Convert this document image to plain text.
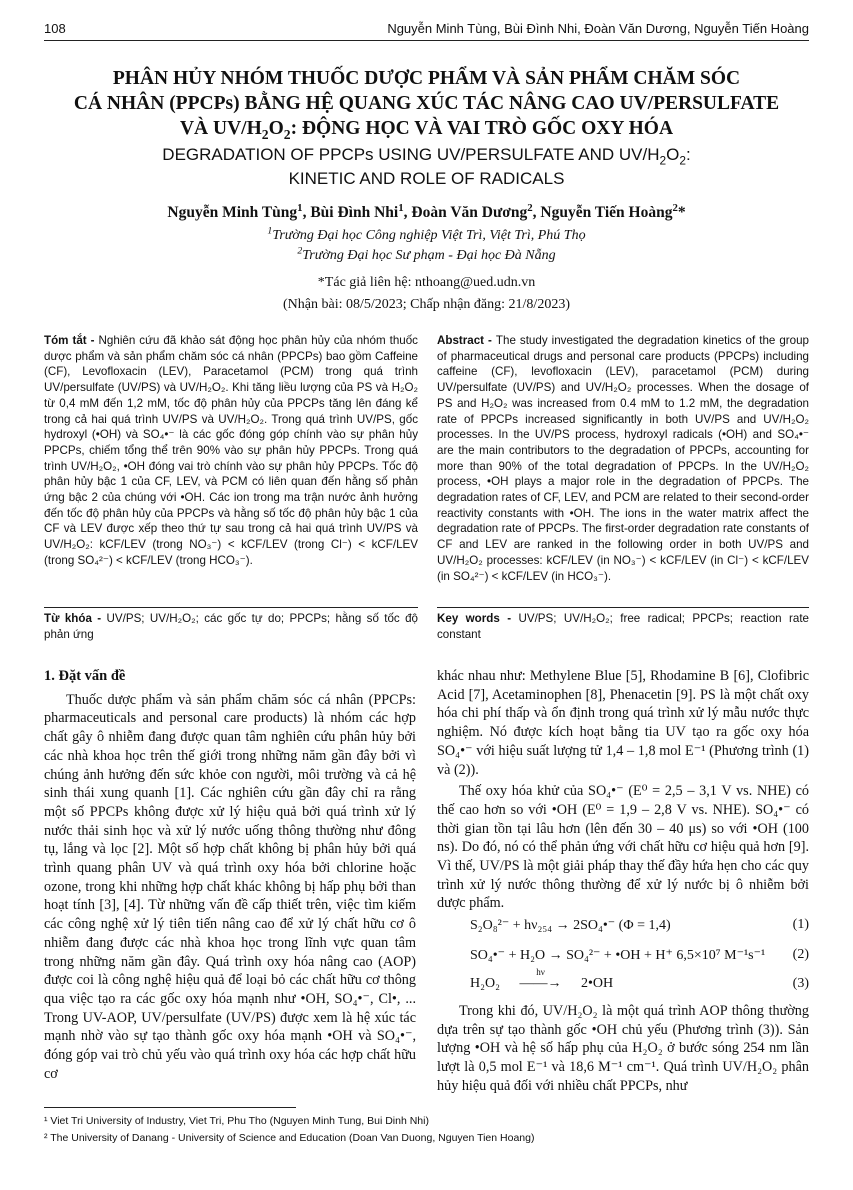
108	Nguyễn Minh Tùng, Bùi Đình Nhi, Đoàn Văn Dương, Nguyễn Tiến Hoàng
PHÂN HỦY NHÓM THUỐC DƯỢC PHẨM VÀ SẢN PHẨM CHĂM SÓC
CÁ NHÂN (PPCPs) BẰNG HỆ QUANG XÚC TÁC NÂNG CAO UV/PERSULFATE
VÀ $UV/H_2O_2$: ĐỘNG HỌC VÀ VAI TRÒ GỐC OXY HÓA
DEGRADATION OF PPCPs USING UV/PERSULFATE AND $UV/H_2O_2$:
KINETIC AND ROLE OF RADICALS
Nguyễn Minh Tùng$^1$, Bùi Đình Nhi$^1$, Đoàn Văn Dương$^2$, Nguyễn Tiến Hoàng$^2$*
$^1$Trường Đại học Công nghiệp Việt Trì, Việt Trì, Phú Thọ
$^2$Trường Đại học Sư phạm - Đại học Đà Nẵng
*Tác giả liên hệ: nthoang@ued.udn.vn
(Nhận bài: 08/5/2023; Chấp nhận đăng: 21/8/2023)
Tóm tắt - Nghiên cứu đã khảo sát động học phân hủy của nhóm thuốc dược phẩm và sản phẩm chăm sóc cá nhân (PPCPs) bao gồm Caffeine (CF), Levofloxacin (LEV), Paracetamol (PCM) trong quá trình UV/persulfate (UV/PS) và UV/H₂O₂. Khi tăng liều lượng của PS và H₂O₂ từ 0,4 mM đến 1,2 mM, tốc độ phân hủy của PPCPs tăng lên đáng kể trong cả hai quá trình UV/PS và UV/H₂O₂. Trong quá trình UV/PS, gốc hydroxyl (•OH) và SO₄•⁻ là các gốc đóng góp chính vào sự phân hủy PPCPs, chiếm tổng thể trên 90% vào sự phân hủy PPCPs. Trong quá trình UV/H₂O₂, •OH đóng vai trò chính vào sự phân hủy PPCPs. Tốc độ phân hủy bậc 1 của CF, LEV, và PCM có liên quan đến hằng số phản ứng bậc 2 của chúng với •OH. Các ion trong ma trận nước ảnh hưởng đến tốc độ phân hủy của PPCPs và hằng số tốc độ phân hủy bậc 1 của CF và LEV được xếp theo thứ tự sau trong cả hai quá trình UV/PS và UV/H₂O₂: kCF/LEV (trong NO₃⁻) < kCF/LEV (trong Cl⁻) < kCF/LEV (trong SO₄²⁻) < kCF/LEV (trong HCO₃⁻).
Từ khóa - UV/PS; UV/H₂O₂; các gốc tự do; PPCPs; hằng số tốc độ phản ứng
Abstract - The study investigated the degradation kinetics of the group of pharmaceutical drugs and personal care products (PPCPs) including caffeine (CF), levofloxacin (LEV), paracetamol (PCM) during UV/persulfate (UV/PS) and UV/H₂O₂ processes. When the dosage of PS and H₂O₂ was increased from 0.4 mM to 1.2 mM, the degradation rate of PPCPs increased significantly in both UV/PS and UV/H₂O₂ processes. In the UV/PS process, hydroxyl radicals (•OH) and SO₄•⁻ are the main contributors to the degradation of PPCPs, accounting for more than 90% of the total degradation of PPCPs. In the UV/H₂O₂ process, •OH plays a major role in the degradation of PPCPs. The degradation rates of CF, LEV, and PCM are related to their second-order reactivity constants with •OH. The ions in the water matrix affect the degradation rate of PPCPs. The first-order degradation rate constants of CF and LEV are ranked in the following order in both UV/PS and UV/H₂O₂ processes: kCF/LEV (in NO₃⁻) < kCF/LEV (in Cl⁻) < kCF/LEV (in SO₄²⁻) < kCF/LEV (in HCO₃⁻).
Key words - UV/PS; UV/H₂O₂; free radical; PPCPs; reaction rate constant

1. Đặt vấn đề

Thuốc dược phẩm và sản phẩm chăm sóc cá nhân (PPCPs: pharmaceuticals and personal care products) là nhóm các hợp chất gây ô nhiễm đang được quan tâm nghiên cứu phân hủy bởi các nhà khoa học trên thế giới trong những năm gần đây bởi vì chúng ảnh hưởng đến sức khỏe con người, môi trường và cả hệ sinh thái xung quanh [1]. Các nghiên cứu gần đây chỉ ra rằng một số PPCPs không được xử lý hiệu quả bởi quá trình xử lý nước thải sinh học và xử lý nước uống thông thường như đông tụ, lắng và lọc [2]. Một số hợp chất không bị phân hủy bởi quá trình quang phân UV và quá trình oxy hóa bởi chlorine hoặc ozone, trong khi những hợp chất khác không bị hấp phụ bởi than hoạt tính [3], [4]. Từ những vấn đề cấp thiết trên, việc tìm kiếm các công nghệ xử lý tiên tiến nâng cao để xử lý chất hữu cơ ô nhiễm đang được các nhà khoa học trong lĩnh vực quan tâm trong những năm gần đây. Quá trình oxy hóa nâng cao (AOP) được coi là công nghệ hiệu quả để loại bỏ các chất hữu cơ thông qua việc tạo ra các gốc oxy hóa mạnh như •OH, SO₄•⁻, Cl•, ... Trong UV-AOP, UV/persulfate (UV/PS) được xem là hệ xúc tác mạnh nhờ vào sự tạo thành gốc oxy hóa mạnh •OH và SO₄•⁻, đóng góp vai trò chủ yếu vào quá trình oxy hóa các hợp chất hữu cơ

khác nhau như: Methylene Blue [5], Rhodamine B [6], Clofibric Acid [7], Acetaminophen [8], Phenacetin [9]. PS là một chất oxy hóa chi phí thấp và ổn định trong quá trình xử lý mẫu nước thực nghiệm. Nó được kích hoạt bằng tia UV tạo ra gốc oxy hóa SO₄•⁻ với hiệu suất lượng tử 1,4 – 1,8 mol E⁻¹ (Phương trình (1) và (2)).

Thế oxy hóa khử của SO₄•⁻ (E⁰ = 2,5 – 3,1 V vs. NHE) có thế cao hơn so với •OH (E⁰ = 1,9 – 2,8 V vs. NHE). SO₄•⁻ có thời gian tồn tại lâu hơn (lên đến 30 – 40 μs) so với •OH (100 ns). Do đó, nó có thể phản ứng với chất hữu cơ hiệu quả hơn [9]. Vì thế, UV/PS là một giải pháp thay thế đầy hứa hẹn cho các quy trình xử lý nước thông thường để xử lý nước bị ô nhiễm bởi dược phẩm.

S₂O₈²⁻ + hν₂₅₄ → 2SO₄•⁻ (Φ = 1,4)	(1)
SO₄•⁻ + H₂O → SO₄²⁻ + •OH + H⁺ 6,5×10⁷ M⁻¹s⁻¹ (2)
H₂O₂
hν
——→ 2•OH	(3)

Trong khi đó, UV/H₂O₂ là một quá trình AOP thông thường dựa trên sự tạo thành gốc •OH chủ yếu (Phương trình (3)). Sản lượng •OH và hệ số hấp phụ của H₂O₂ ở bước sóng 254 nm lần lượt là 0,5 mol E⁻¹ và 18,6 M⁻¹ cm⁻¹. Quá trình UV/H₂O₂ phân hủy hiệu quả đối với nhiều chất PPCPs, như

¹ Viet Tri University of Industry, Viet Tri, Phu Tho (Nguyen Minh Tung, Bui Dinh Nhi)
² The University of Danang - University of Science and Education (Doan Van Duong, Nguyen Tien Hoang)
